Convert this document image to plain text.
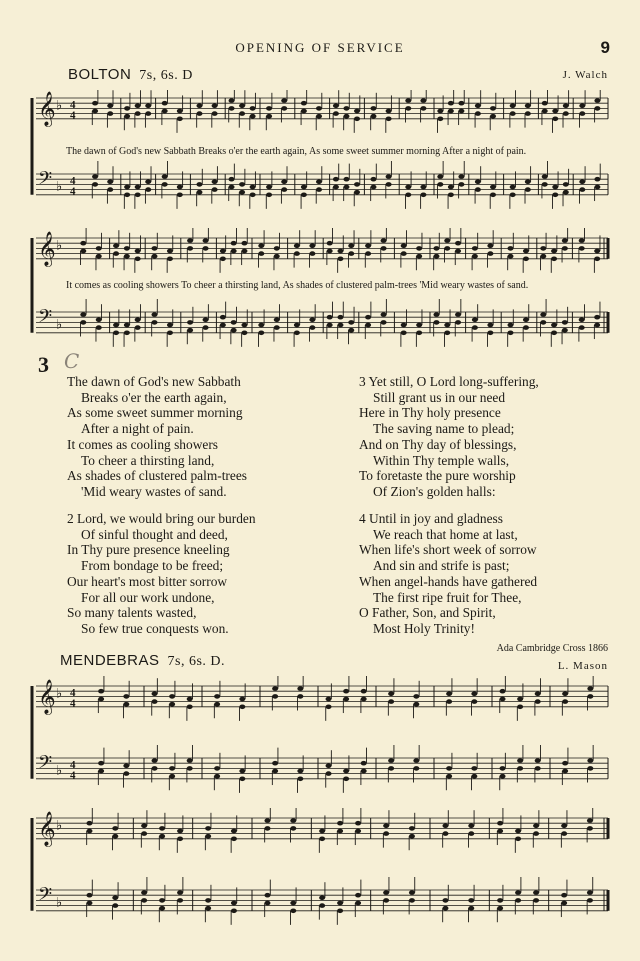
OPENING OF SERVICE	9
BOLTON 7s, 6s. D	J. Walch
𝄞 ♭ 4
4
𝄢 ♭ 4
4
The dawn of God's new Sabbath Breaks o'er the earth again, As some sweet summer morning After a night of pain.
𝄞 ♭
𝄢 ♭
It comes as cooling showers To cheer a thirsting land, As shades of clustered palm-trees 'Mid weary wastes of sand.
3 C
The dawn of God's new Sabbath
Breaks o'er the earth again,
As some sweet summer morning
After a night of pain.
It comes as cooling showers
To cheer a thirsting land,
As shades of clustered palm-trees
'Mid weary wastes of sand.
2 Lord, we would bring our burden
Of sinful thought and deed,
In Thy pure presence kneeling
From bondage to be freed;
Our heart's most bitter sorrow
For all our work undone,
So many talents wasted,
So few true conquests won.
3 Yet still, O Lord long-suffering,
Still grant us in our need
Here in Thy holy presence
The saving name to plead;
And on Thy day of blessings,
Within Thy temple walls,
To foretaste the pure worship
Of Zion's golden halls:
4 Until in joy and gladness
We reach that home at last,
When life's short week of sorrow
And sin and strife is past;
When angel-hands have gathered
The first ripe fruit for Thee,
O Father, Son, and Spirit,
Most Holy Trinity!
Ada Cambridge Cross 1866
MENDEBRAS 7s, 6s. D.	L. Mason
𝄞 ♭ 4
4
𝄢 ♭ 4
4
𝄞 ♭
𝄢 ♭
